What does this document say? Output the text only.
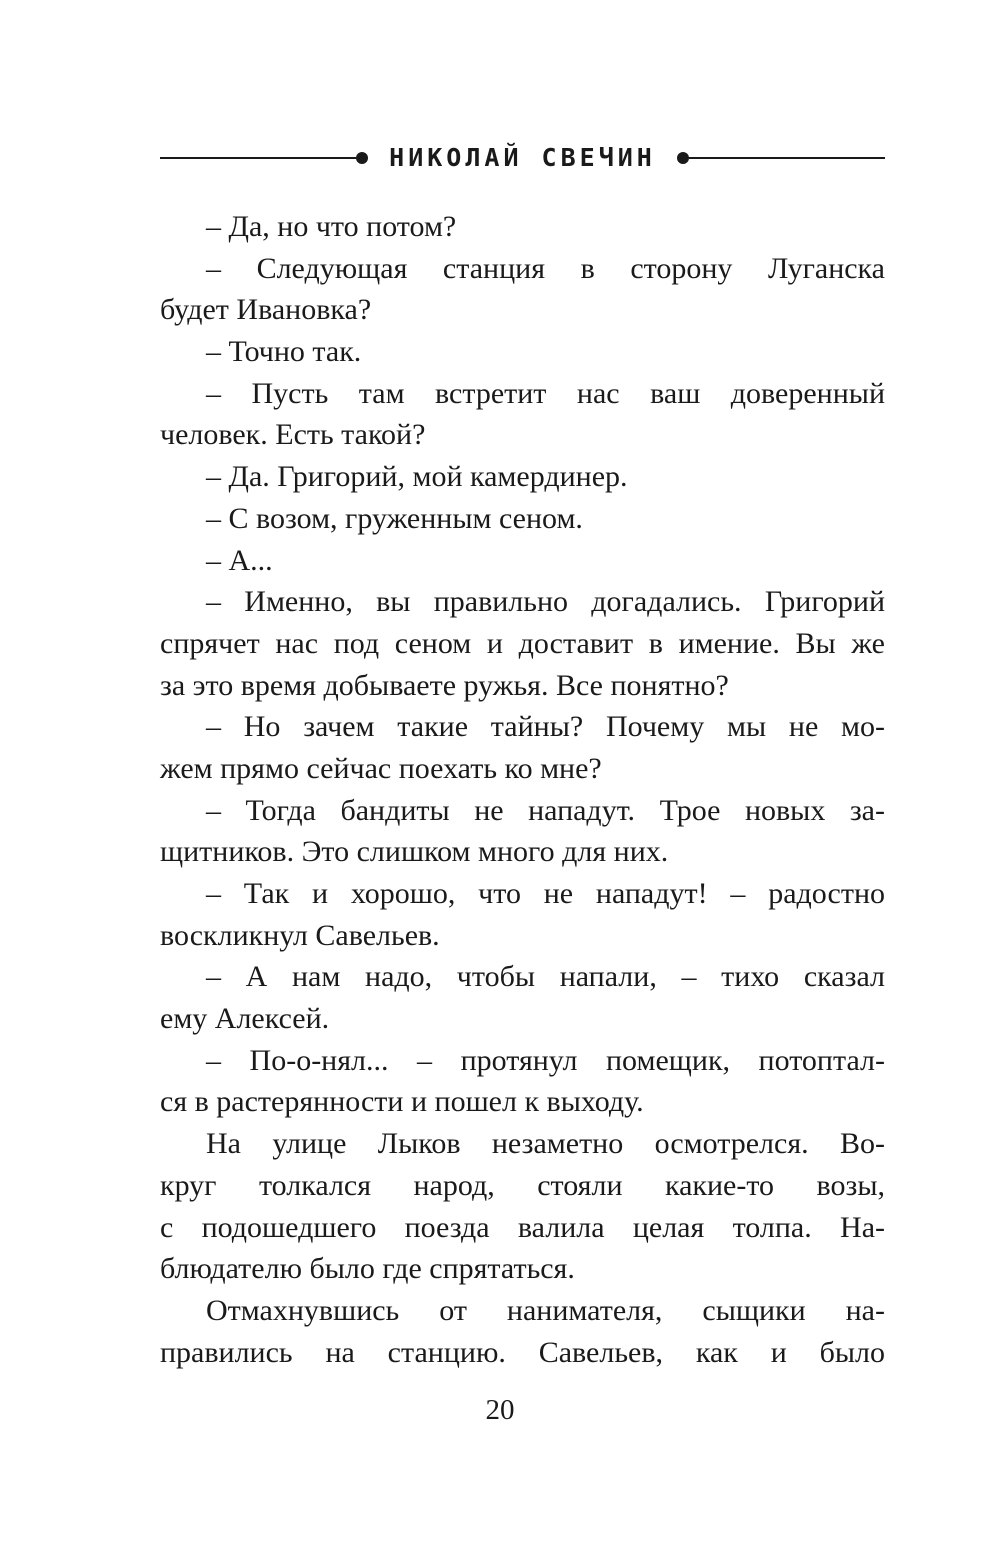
НИКОЛАЙ СВЕЧИН
– Да, но что потом?
– Следующая станция в сторону Луганска
будет Ивановка?
– Точно так.
– Пусть там встретит нас ваш доверенный
человек. Есть такой?
– Да. Григорий, мой камердинер.
– С возом, груженным сеном.
– А...
– Именно, вы правильно догадались. Григорий
спрячет нас под сеном и доставит в имение. Вы же
за это время добываете ружья. Все понятно?
– Но зачем такие тайны? Почему мы не мо-
жем прямо сейчас поехать ко мне?
– Тогда бандиты не нападут. Трое новых за-
щитников. Это слишком много для них.
– Так и хорошо, что не нападут! – радостно
воскликнул Савельев.
– А нам надо, чтобы напали, – тихо сказал
ему Алексей.
– По-о-нял... – протянул помещик, потоптал-
ся в растерянности и пошел к выходу.
На улице Лыков незаметно осмотрелся. Во-
круг толкался народ, стояли какие-то возы,
с подошедшего поезда валила целая толпа. На-
блюдателю было где спрятаться.
Отмахнувшись от нанимателя, сыщики на-
правились на станцию. Савельев, как и было
20
